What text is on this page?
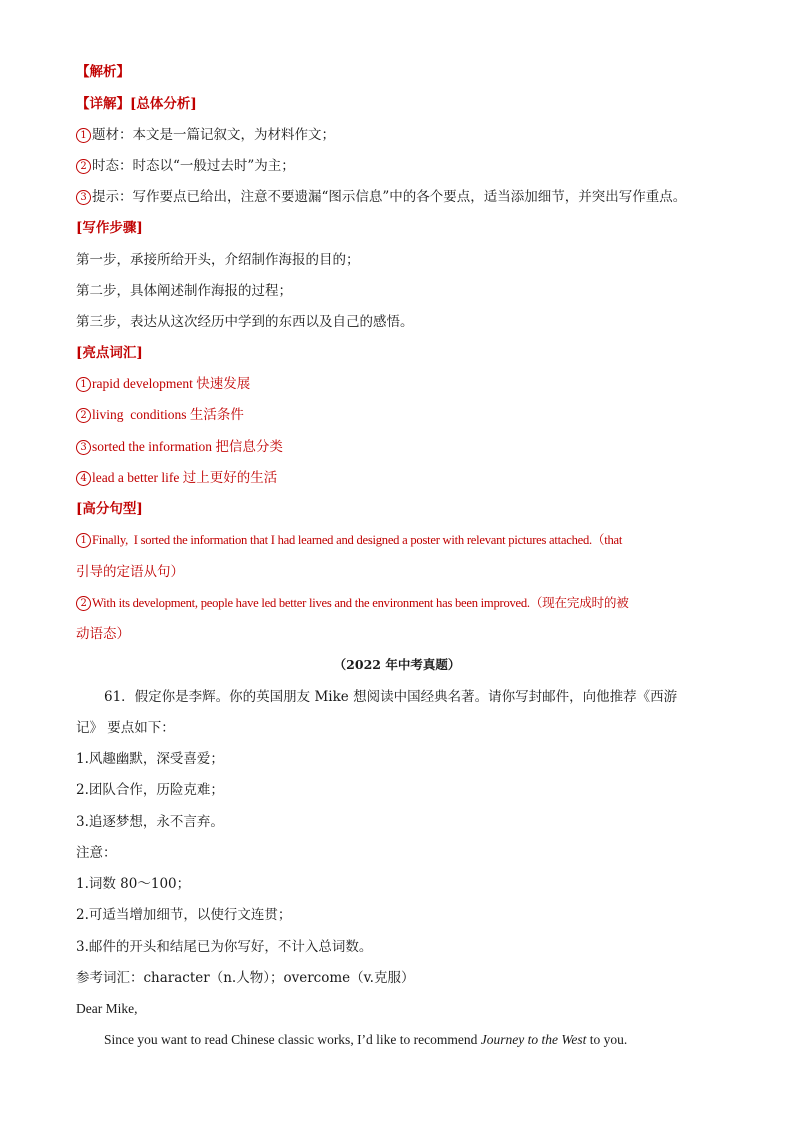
【解析】
【详解】[总体分析]
1 题材：本文是一篇记叙文，为材料作文；
2 时态：时态以“一般过去时”为主；
3 提示：写作要点已给出，注意不要遗漏“图示信息”中的各个要点，适当添加细节，并突出写作重点。
[写作步骤]
第一步，承接所给开头，介绍制作海报的目的；
第二步，具体阐述制作海报的过程；
第三步，表达从这次经历中学到的东西以及自己的感悟。
[亮点词汇]
1 rapid development 快速发展
2 living  conditions 生活条件
3 sorted the information 把信息分类
4 lead a better life 过上更好的生活
[高分句型]
1 Finally,  I sorted the information that I had learned and designed a poster with relevant pictures attached.（that
引导的定语从句）
2 With its development, people have led better lives and the environment has been improved.（现在完成时的被
动语态）
（2022 年中考真题）
61．假定你是李辉。你的英国朋友 Mike 想阅读中国经典名著。请你写封邮件，向他推荐《西游
记》 要点如下：
1.风趣幽默，深受喜爱；
2.团队合作，历险克难；
3.追逐梦想，永不言弃。
注意：
1.词数 80～100；
2.可适当增加细节，以使行文连贯；
3.邮件的开头和结尾已为你写好，不计入总词数。
参考词汇：character（n.人物）；overcome（v.克服）
Dear Mike,
Since you want to read Chinese classic works, I’d like to recommend Journey to the West to you.
